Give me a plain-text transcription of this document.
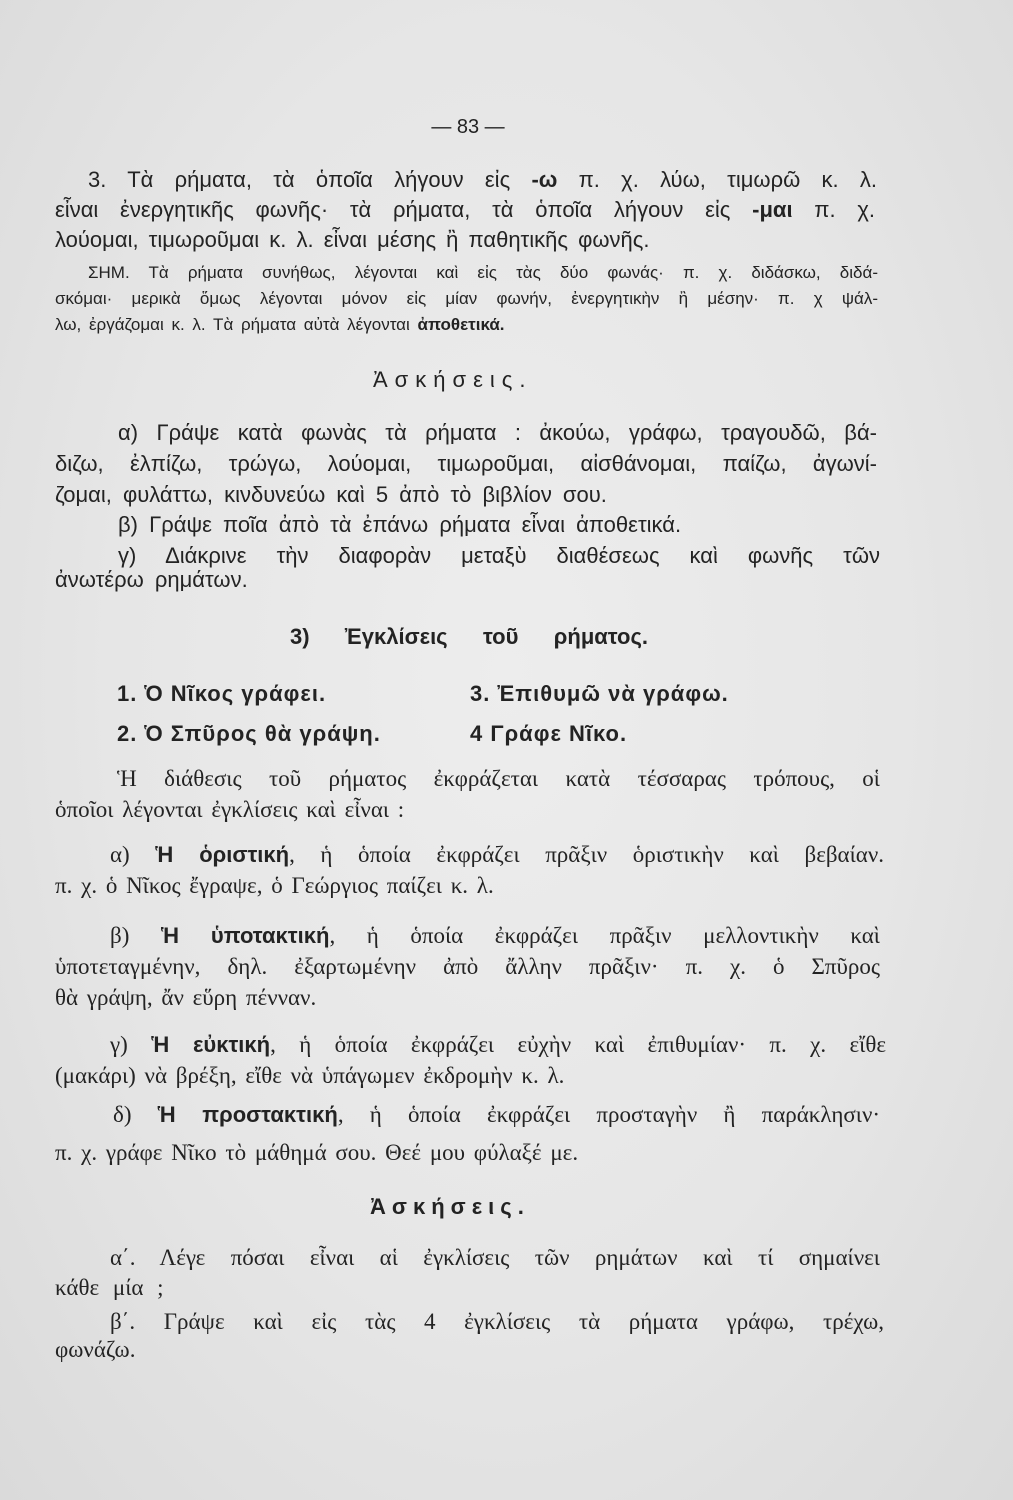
— 83 —
3. Τὰ ρήματα, τὰ ὁποῖα λήγουν εἰς -ω π. χ. λύω, τιμωρῶ κ. λ.
εἶναι ἐνεργητικῆς φωνῆς· τὰ ρήματα, τὰ ὁποῖα λήγουν εἰς -μαι π. χ.
λούομαι, τιμωροῦμαι κ. λ. εἶναι μέσης ἢ παθητικῆς φωνῆς.
ΣΗΜ. Τὰ ρήματα συνήθως, λέγονται καὶ εἰς τὰς δύο φωνάς· π. χ. διδάσκω, διδά-
σκόμαι· μερικὰ ὅμως λέγονται μόνον εἰς μίαν φωνήν, ἐνεργητικὴν ἢ μέσην· π. χ ψάλ-
λω, ἐργάζομαι κ. λ. Τὰ ρήματα αὐτὰ λέγονται ἀποθετικά.
Ἀσκήσεις.
α) Γράψε κατὰ φωνὰς τὰ ρήματα : ἀκούω, γράφω, τραγουδῶ, βά-
διζω, ἐλπίζω, τρώγω, λούομαι, τιμωροῦμαι, αἰσθάνομαι, παίζω, ἀγωνί-
ζομαι, φυλάττω, κινδυνεύω καὶ 5 ἀπὸ τὸ βιβλίον σου.
β) Γράψε ποῖα ἀπὸ τὰ ἐπάνω ρήματα εἶναι ἀποθετικά.
γ) Διάκρινε τὴν διαφορὰν μεταξὺ διαθέσεως καὶ φωνῆς τῶν
ἀνωτέρω ρημάτων.
3) Ἐγκλίσεις τοῦ ρήματος.
1. Ὁ Νῖκος γράφει.	3. Ἐπιθυμῶ νὰ γράφω.
2. Ὁ Σπῦρος θὰ γράψη.	4 Γράφε Νῖκο.
Ἡ διάθεσις τοῦ ρήματος ἐκφράζεται κατὰ τέσσαρας τρόπους, οἱ
ὁποῖοι λέγονται ἐγκλίσεις καὶ εἶναι :
α) Ἡ ὁριστική, ἡ ὁποία ἐκφράζει πρᾶξιν ὁριστικὴν καὶ βεβαίαν.
π. χ. ὁ Νῖκος ἔγραψε, ὁ Γεώργιος παίζει κ. λ.
β) Ἡ ὑποτακτική, ἡ ὁποία ἐκφράζει πρᾶξιν μελλοντικὴν καὶ
ὑποτεταγμένην, δηλ. ἐξαρτωμένην ἀπὸ ἄλλην πρᾶξιν· π. χ. ὁ Σπῦρος
θὰ γράψη, ἄν εὕρη πένναν.
γ) Ἡ εὐκτική, ἡ ὁποία ἐκφράζει εὐχὴν καὶ ἐπιθυμίαν· π. χ. εἴθε
(μακάρι) νὰ βρέξη, εἴθε νὰ ὑπάγωμεν ἐκδρομὴν κ. λ.
δ) Ἡ προστακτική, ἡ ὁποία ἐκφράζει προσταγὴν ἢ παράκλησιν·
π. χ. γράφε Νῖκο τὸ μάθημά σου. Θεέ μου φύλαξέ με.
Ἀσκήσεις.
α΄. Λέγε πόσαι εἶναι αἱ ἐγκλίσεις τῶν ρημάτων καὶ τί σημαίνει
κάθε μία ;
β΄. Γράψε καὶ εἰς τὰς 4 ἐγκλίσεις τὰ ρήματα γράφω, τρέχω,
φωνάζω.
